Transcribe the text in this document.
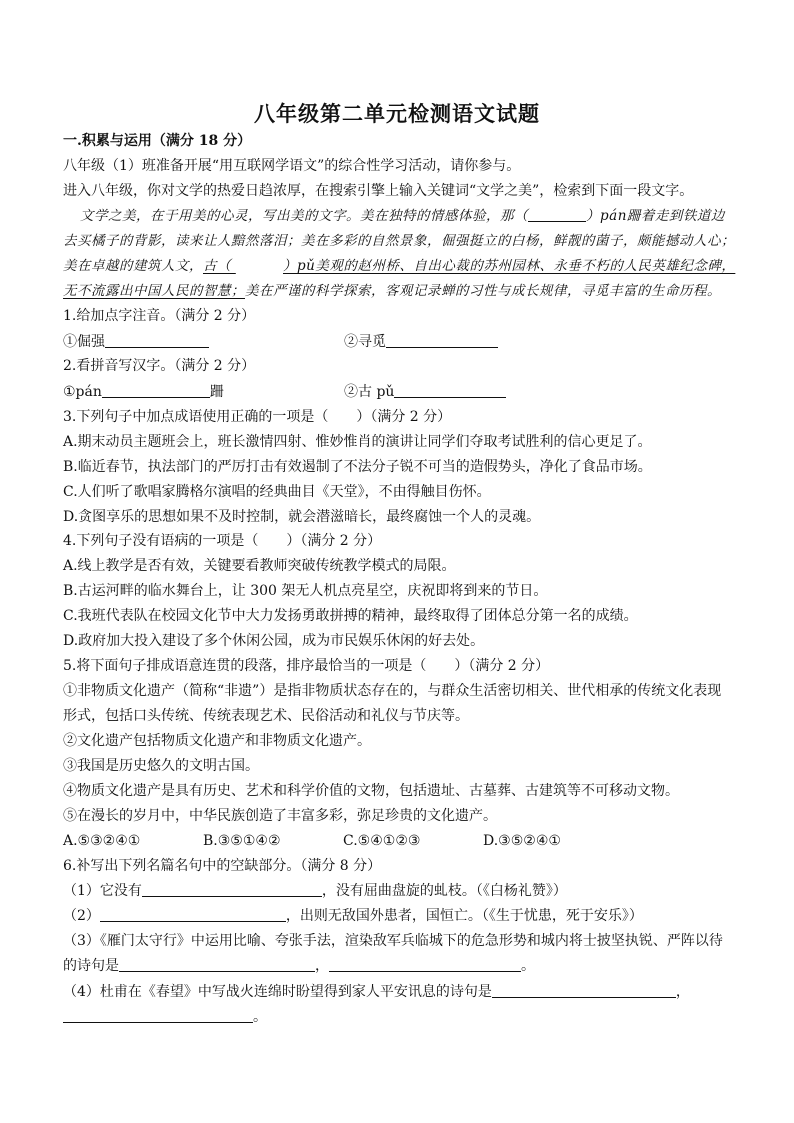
八年级第二单元检测语文试题
一.积累与运用（满分 18 分）
八年级（1）班准备开展“用互联网学语文”的综合性学习活动，请你参与。
进入八年级，你对文学的热爱日趋浓厚，在搜索引擎上输入关键词“文学之美”，检索到下面一段文字。
文学之美，在于用美的心灵，写出美的文字。美在独特的情感体验，那（	）pán跚着走到铁道边
去买橘子的背影，读来让人黯然落泪；美在多彩的自然景象，倔强挺立的白杨，鲜靓的菌子，颇能撼动人心；
美在卓越的建筑人文，古（	）pǔ美观的赵州桥、自出心裁的苏州园林、永垂不朽的人民英雄纪念碑，
无不流露出中国人民的智慧；美在严谨的科学探索，客观记录蝉的习性与成长规律，寻觅丰富的生命历程。
1.给加点字注音。（满分 2 分）
①倔强	②寻觅
2.看拼音写汉字。（满分 2 分）
①pán	跚	②古 pǔ
3.下列句子中加点成语使用正确的一项是（　　）（满分 2 分）
A.期末动员主题班会上，班长激情四射、惟妙惟肖的演讲让同学们夺取考试胜利的信心更足了。
B.临近春节，执法部门的严厉打击有效遏制了不法分子锐不可当的造假势头，净化了食品市场。
C.人们听了歌唱家腾格尔演唱的经典曲目《天堂》，不由得触目伤怀。
D.贪图享乐的思想如果不及时控制，就会潜滋暗长，最终腐蚀一个人的灵魂。
4.下列句子没有语病的一项是（　　）（满分 2 分）
A.线上教学是否有效，关键要看教师突破传统教学模式的局限。
B.古运河畔的临水舞台上，让 300 架无人机点亮星空，庆祝即将到来的节日。
C.我班代表队在校园文化节中大力发扬勇敢拼搏的精神，最终取得了团体总分第一名的成绩。
D.政府加大投入建设了多个休闲公园，成为市民娱乐休闲的好去处。
5.将下面句子排成语意连贯的段落，排序最恰当的一项是（　　）（满分 2 分）
①非物质文化遗产（简称“非遗”）是指非物质状态存在的，与群众生活密切相关、世代相承的传统文化表现
形式，包括口头传统、传统表现艺术、民俗活动和礼仪与节庆等。
②文化遗产包括物质文化遗产和非物质文化遗产。
③我国是历史悠久的文明古国。
④物质文化遗产是具有历史、艺术和科学价值的文物，包括遗址、古墓葬、古建筑等不可移动文物。
⑤在漫长的岁月中，中华民族创造了丰富多彩，弥足珍贵的文化遗产。
A.⑤③②④①	B.③⑤①④②	C.⑤④①②③	D.③⑤②④①
6.补写出下列名篇名句中的空缺部分。（满分 8 分）
（1）它没有	，没有屈曲盘旋的虬枝。（《白杨礼赞》）
（2）	，出则无敌国外患者，国恒亡。（《生于忧患，死于安乐》）
（3）《雁门太守行》中运用比喻、夸张手法，渲染敌军兵临城下的危急形势和城内将士披坚执锐、严阵以待
的诗句是	，	。
（4）杜甫在《春望》中写战火连绵时盼望得到家人平安讯息的诗句是	，
。
